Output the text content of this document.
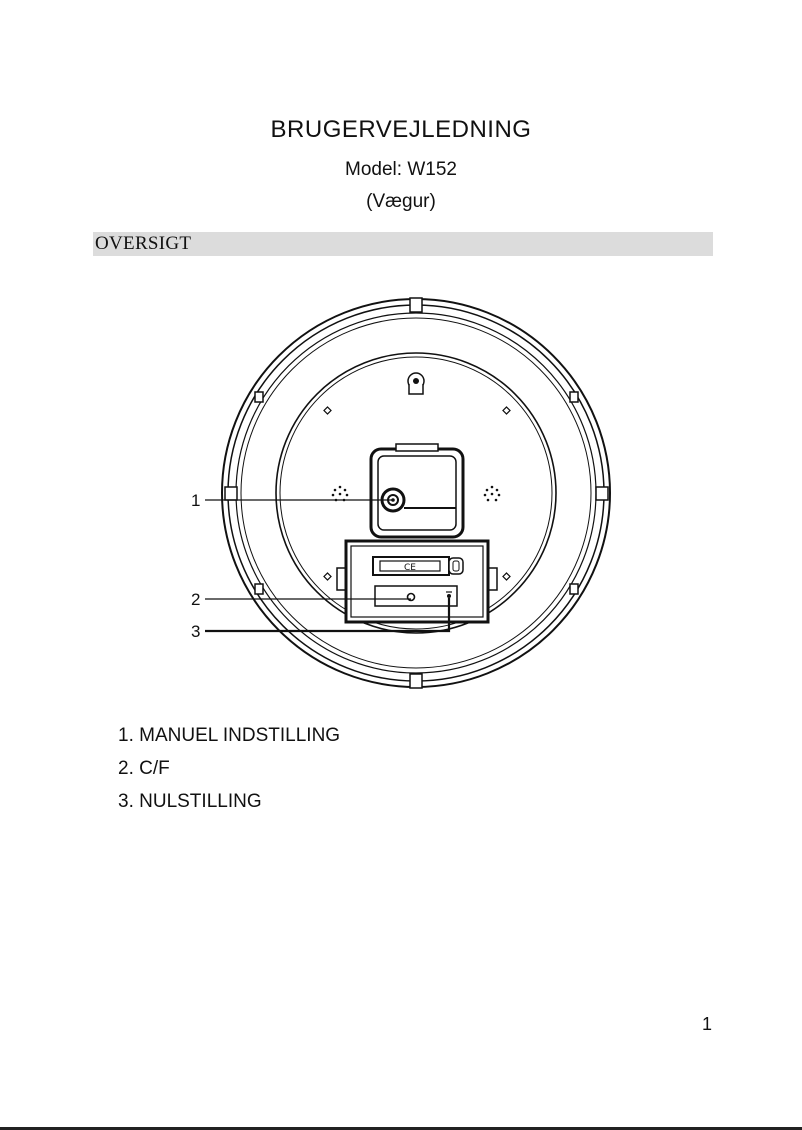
BRUGERVEJLEDNING
Model: W152
(Vægur)
OVERSIGT
CE
1
2
3
1. MANUEL INDSTILLING
2. C/F
3. NULSTILLING
1
